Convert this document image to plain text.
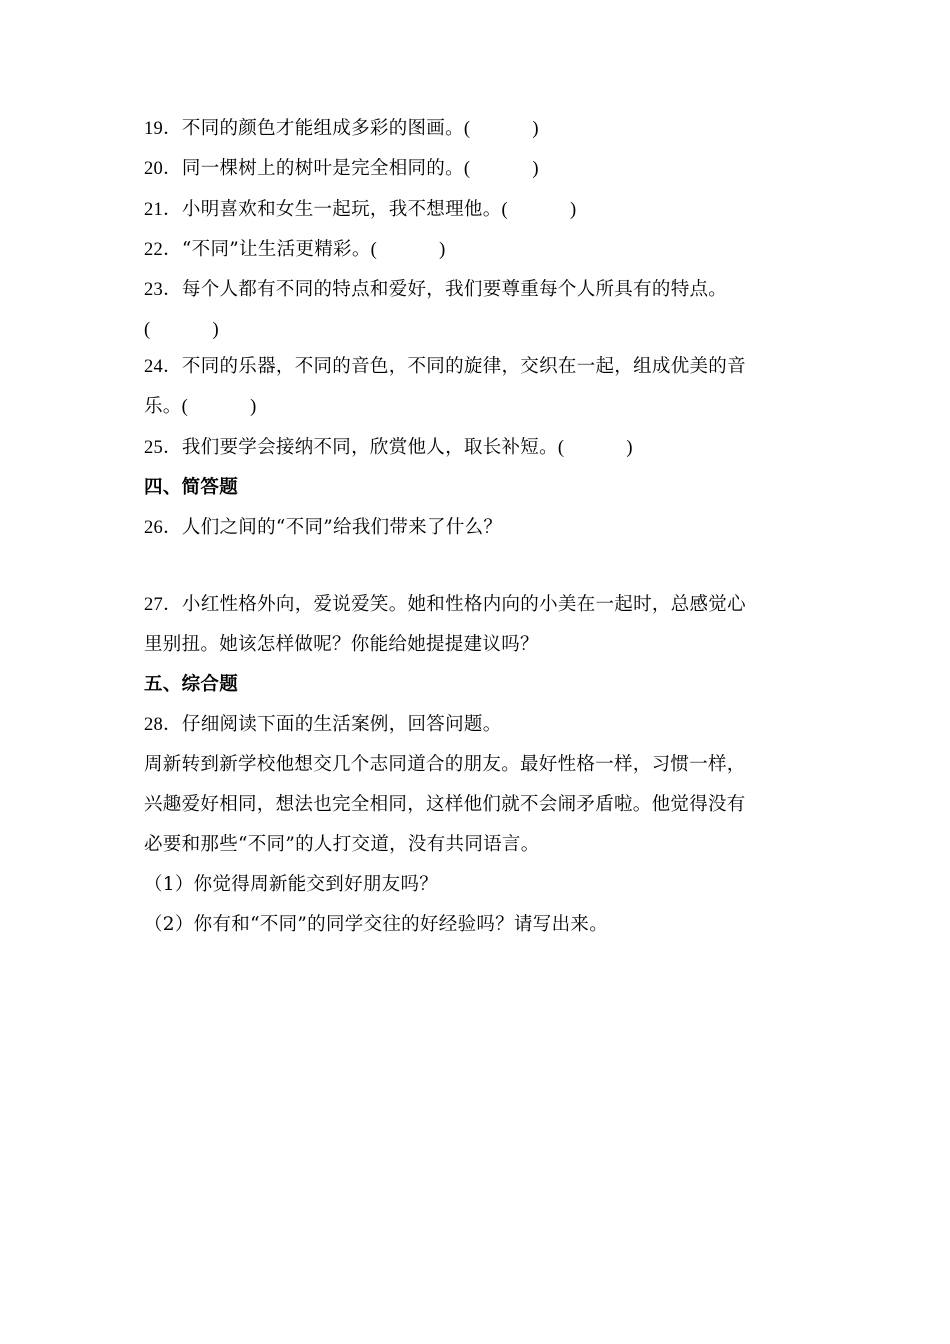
19．不同的颜色才能组成多彩的图画。(	)
20．同一棵树上的树叶是完全相同的。(	)
21．小明喜欢和女生一起玩，我不想理他。(	)
22．“不同”让生活更精彩。(	)
23．每个人都有不同的特点和爱好，我们要尊重每个人所具有的特点。
(	)
24．不同的乐器，不同的音色，不同的旋律，交织在一起，组成优美的音
乐。(	)
25．我们要学会接纳不同，欣赏他人，取长补短。(	)
四、简答题
26．人们之间的“不同”给我们带来了什么？
27．小红性格外向，爱说爱笑。她和性格内向的小美在一起时，总感觉心
里别扭。她该怎样做呢？你能给她提提建议吗？
五、综合题
28．仔细阅读下面的生活案例，回答问题。
周新转到新学校他想交几个志同道合的朋友。最好性格一样，习惯一样，
兴趣爱好相同，想法也完全相同，这样他们就不会闹矛盾啦。他觉得没有
必要和那些“不同”的人打交道，没有共同语言。
（1）你觉得周新能交到好朋友吗？
（2）你有和“不同”的同学交往的好经验吗？请写出来。
